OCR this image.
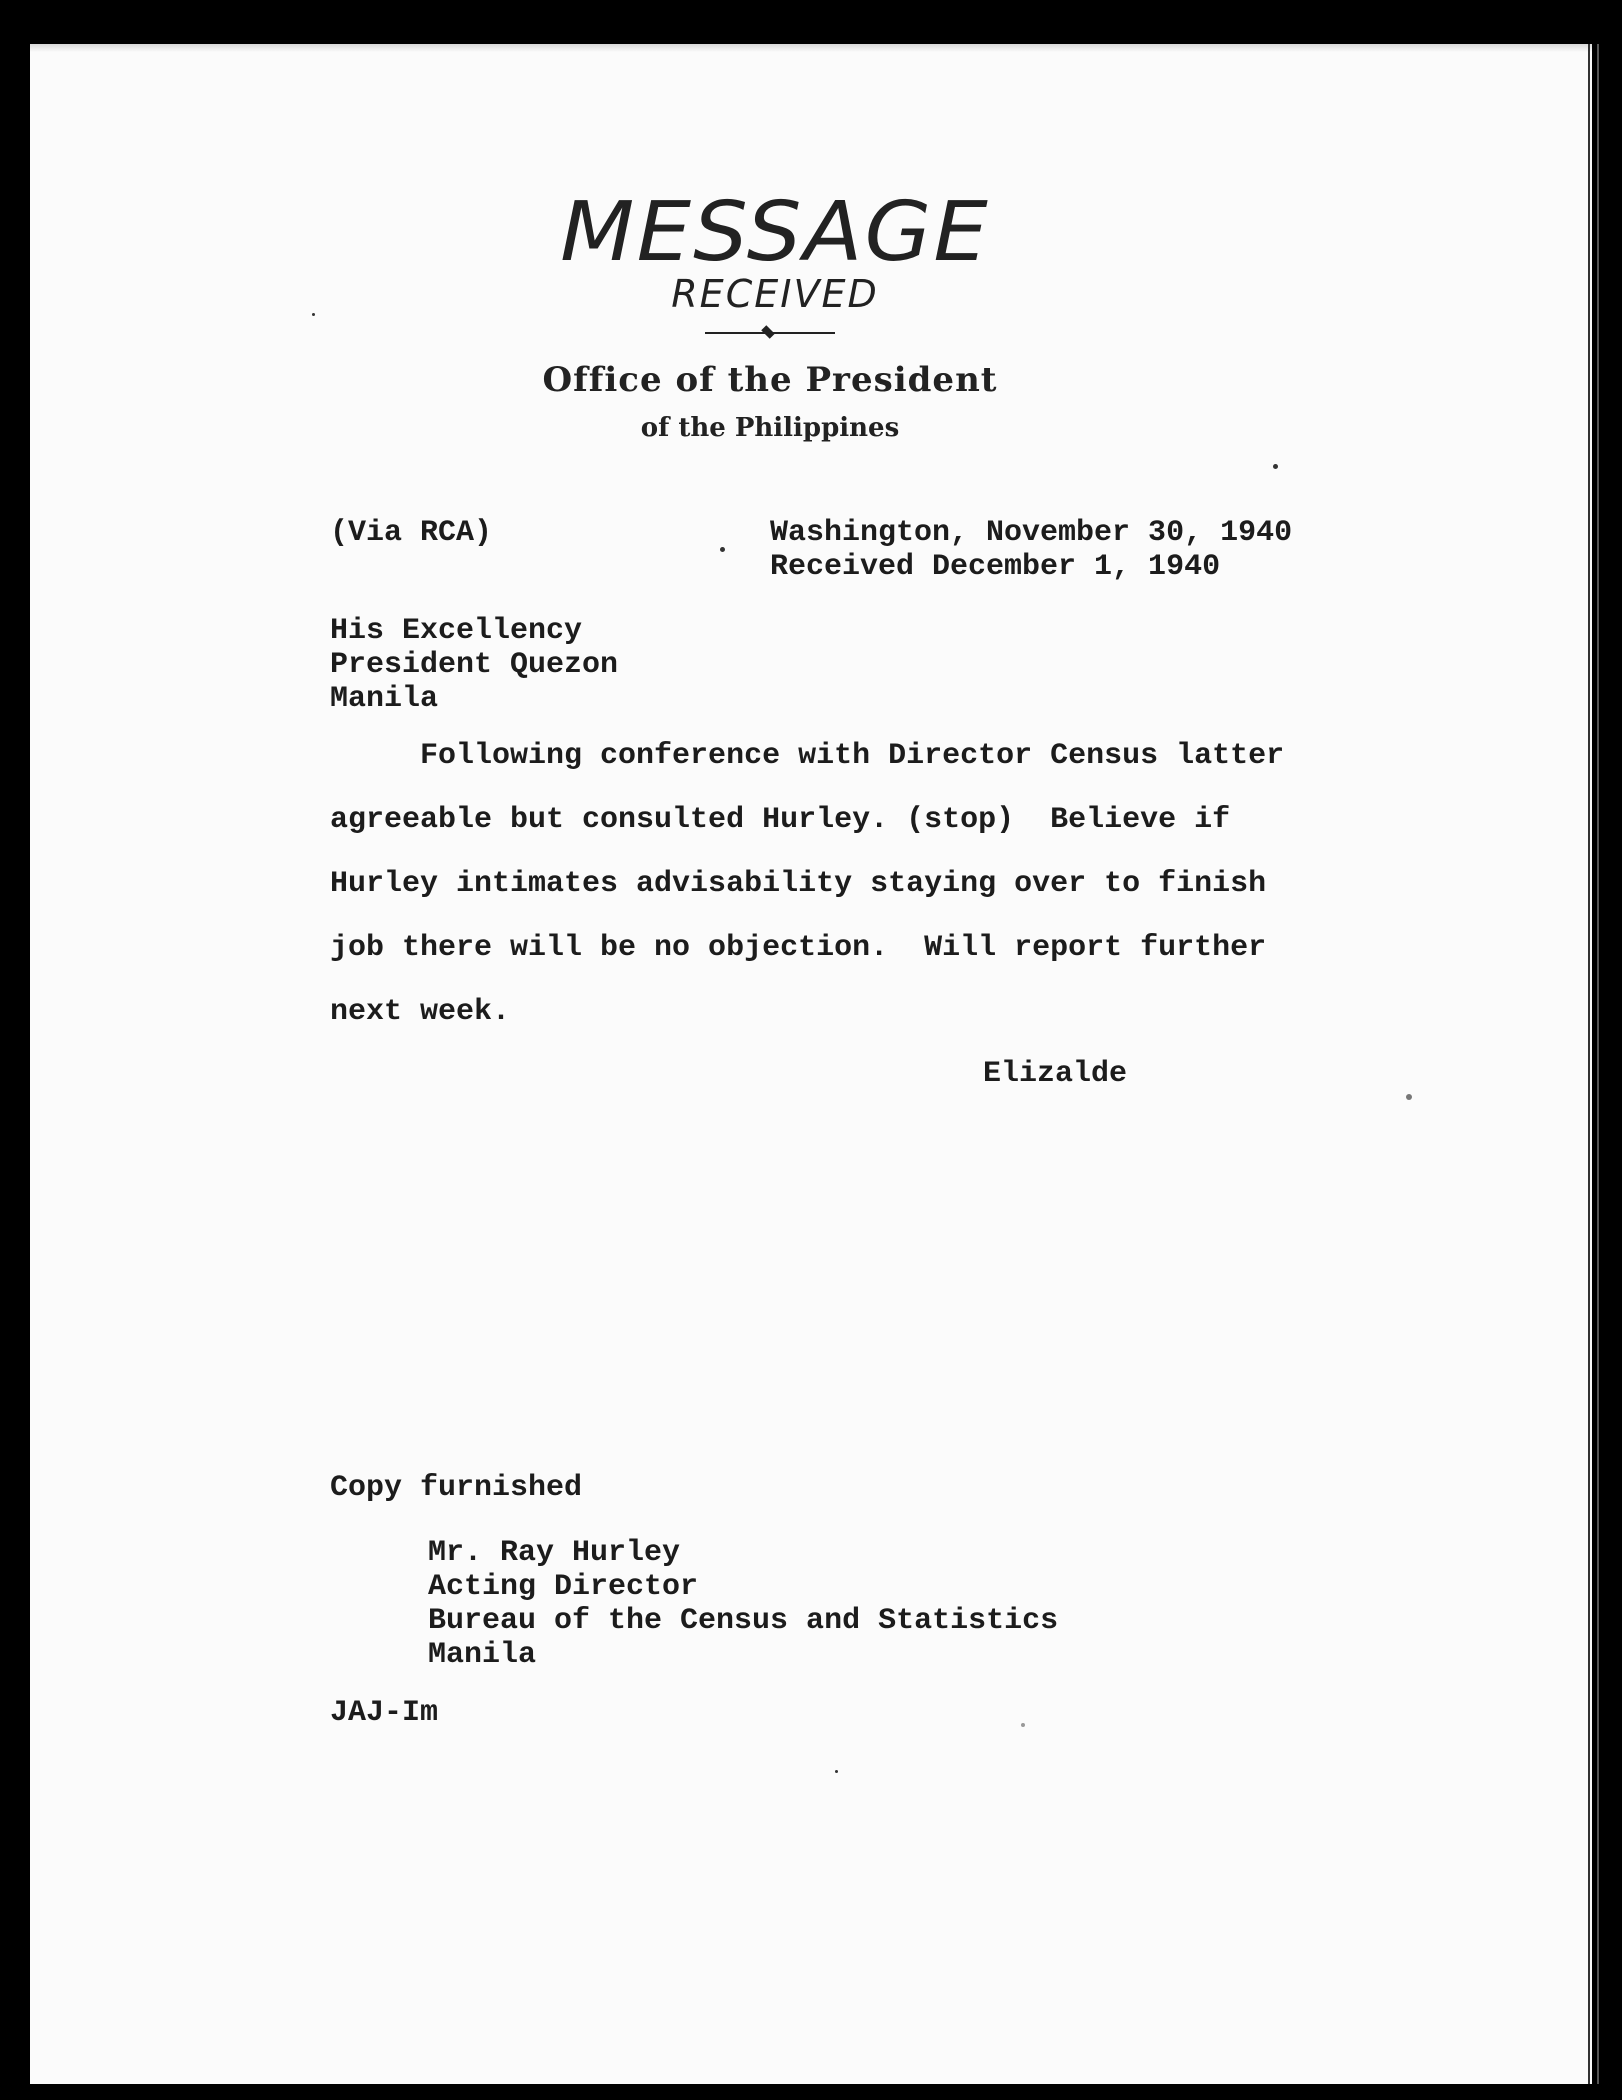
MESSAGE
RECEIVED
Office of the President
of the Philippines
(Via RCA)	Washington, November 30, 1940
Received December 1, 1940
His Excellency
President Quezon
Manila
Following conference with Director Census latter
agreeable but consulted Hurley. (stop)  Believe if
Hurley intimates advisability staying over to finish
job there will be no objection.  Will report further
next week.
Elizalde
Copy furnished
Mr. Ray Hurley
Acting Director
Bureau of the Census and Statistics
Manila
JAJ-Im
